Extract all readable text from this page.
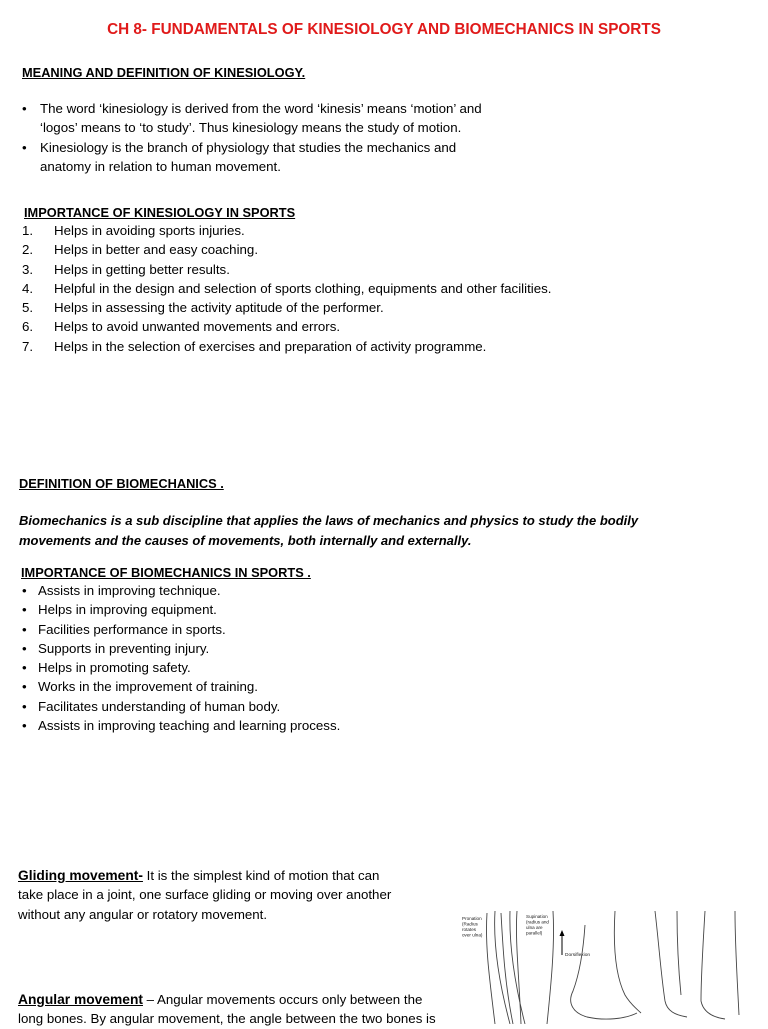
CH 8- FUNDAMENTALS OF KINESIOLOGY AND BIOMECHANICS IN SPORTS
MEANING AND DEFINITION OF KINESIOLOGY.
• The word ‘kinesiology is derived from the word ‘kinesis’ means ‘motion’ and
‘logos’ means to ‘to study’. Thus kinesiology means the study of motion.
• Kinesiology is the branch of physiology that studies the mechanics and
anatomy in relation to human movement.
IMPORTANCE OF KINESIOLOGY IN SPORTS
1. Helps in avoiding sports injuries.
2. Helps in better and easy coaching.
3. Helps in getting better results.
4. Helpful in the design and selection of sports clothing, equipments and other facilities.
5. Helps in assessing the activity aptitude of the performer.
6. Helps to avoid unwanted movements and errors.
7. Helps in the selection of exercises and preparation of activity programme.
DEFINITION OF BIOMECHANICS .
Biomechanics is a sub discipline that applies the laws of mechanics and physics to study the bodily
movements and the causes of movements, both internally and externally.
IMPORTANCE OF BIOMECHANICS IN SPORTS .
• Assists in improving technique.
• Helps in improving equipment.
• Facilities performance in sports.
• Supports in preventing injury.
• Helps in promoting safety.
• Works in the improvement of training.
• Facilitates understanding of human body.
• Assists in improving teaching and learning process.
Gliding movement- It is the simplest kind of motion that can
take place in a joint, one surface gliding or moving over another
without any angular or rotatory movement.
Angular movement – Angular movements occurs only between the
long bones. By angular movement, the angle between the two bones is
Pronation
(Radius
rotates
over ulna)
Supination
(radius and
ulna are
parallel)
Dorsiflexion
